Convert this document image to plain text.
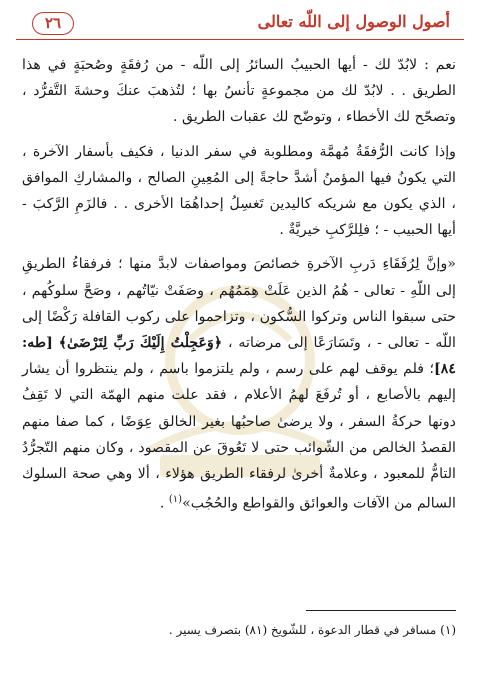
أصول الوصول إلى اللّه تعالى
٢٦

نعم : لابُدّ لك - أيها الحبيبُ السائرُ إلى اللّه - من رُفقَةٍ وصُحبَةٍ في هذا الطريق . . لابُدّ لك من مجموعةٍ تأنسُ بها ؛ لتُذهبَ عنكَ وحشةَ التَّفرُّد ، وتصحّح لك الأخطاء ، وتوضّح لك عقبات الطريق .

وإذا كانت الرُّفقَةُ مُهمَّة ومطلوبة في سفر الدنيا ، فكيف بأسفار الآخرة ، التي يكونُ فيها المؤمنُ أشدَّ حاجةً إلى المُعِينِ الصالح ، والمشاركِ الموافق ، الذي يكون مع شريكه كاليدين تَغسِلُ إحداهُمَا الأخرى . . فالزَمِ الرَّكبَ - أيها الحبيب - ؛ فلِلرَّكبِ خيريَّةٌ .

«وإنَّ لِرُفَقَاءِ دَربِ الآخرةِ خصائصَ ومواصفات لابدَّ منها ؛ فرفقاءُ الطريقِ إلى اللّهِ - تعالى - هُمُ الذين عَلَتْ هِمَمُهُم ، وصَفَتْ نيّاتُهم ، وصَحَّ سلوكُهم ، حتى سبقوا الناس وتركوا السُّكون ، وتزاحموا على ركوب القافلة رَكْضًا إلى اللّه - تعالى - ، وتَسَارَعًا إلى مرضاته ، ﴿وَعَجِلْتُ إِلَيْكَ رَبِّ لِتَرْضَىٰ﴾ [طه: ٨٤]؛ فلم يوقف لهم على رسم ، ولم يلتزموا باسم ، ولم ينتظروا أن يشار إليهم بالأصابع ، أو تُرفَعَ لهمُ الأعلام ، فقد علت منهم الهمّة التي لا تَقِفُ دونها حركةُ السفر ، ولا يرضىٰ صاحبُها بغير الخالق عِوَضًا ، كما صفا منهم القصدُ الخالص من الشّوائب حتى لا تَعُوقَ عن المقصود ، وكان منهم التّجرُّدُ التامُّ للمعبود ، وعلامةٌ أخرىٰ لرفقاء الطريق هؤلاء ، ألا وهي صحة السلوك السالم من الآفات والعوائق والقواطع والحُجُب»$^{(١)}$ .

(١) مسافر في قطار الدعوة ، للشّويخ (٨١) بتصرف يسير .
